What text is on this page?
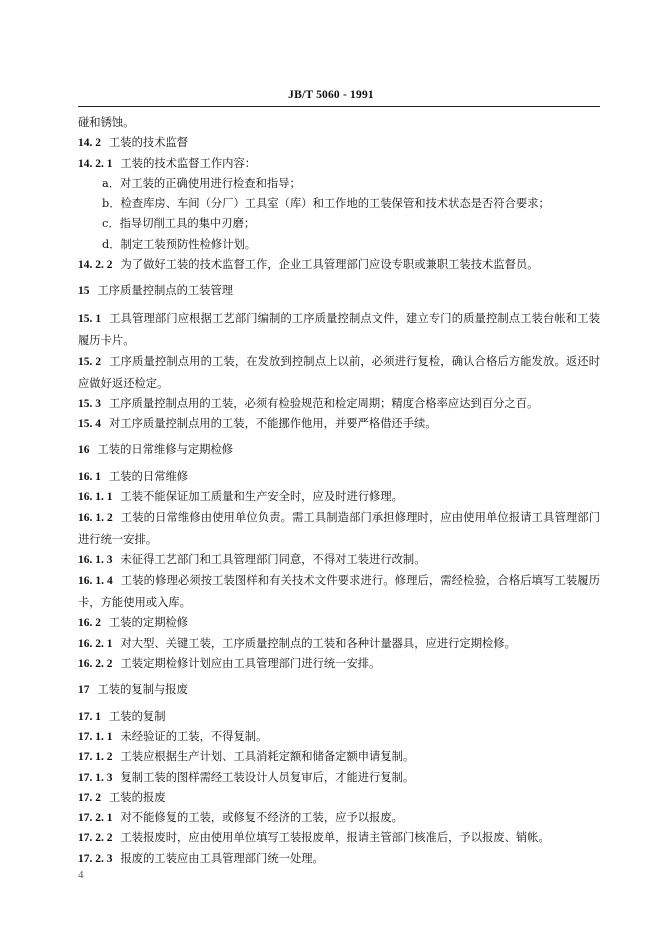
JB/T 5060 - 1991
碰和锈蚀。
14. 2 工装的技术监督
14. 2. 1 工装的技术监督工作内容：
a．对工装的正确使用进行检查和指导；
b．检查库房、车间（分厂）工具室（库）和工作地的工装保管和技术状态是否符合要求；
c．指导切削工具的集中刃磨；
d．制定工装预防性检修计划。
14. 2. 2 为了做好工装的技术监督工作，企业工具管理部门应设专职或兼职工装技术监督员。
15 工序质量控制点的工装管理
15. 1 工具管理部门应根据工艺部门编制的工序质量控制点文件，建立专门的质量控制点工装台帐和工装履历卡片。
15. 2 工序质量控制点用的工装，在发放到控制点上以前，必须进行复检，确认合格后方能发放。返还时应做好返还检定。
15. 3 工序质量控制点用的工装，必须有检验规范和检定周期；精度合格率应达到百分之百。
15. 4 对工序质量控制点用的工装，不能挪作他用，并要严格借还手续。
16 工装的日常维修与定期检修
16. 1 工装的日常维修
16. 1. 1 工装不能保证加工质量和生产安全时，应及时进行修理。
16. 1. 2 工装的日常维修由使用单位负责。需工具制造部门承担修理时，应由使用单位报请工具管理部门进行统一安排。
16. 1. 3 未征得工艺部门和工具管理部门同意，不得对工装进行改制。
16. 1. 4 工装的修理必须按工装图样和有关技术文件要求进行。修理后，需经检验，合格后填写工装履历卡，方能使用或入库。
16. 2 工装的定期检修
16. 2. 1 对大型、关键工装，工序质量控制点的工装和各种计量器具，应进行定期检修。
16. 2. 2 工装定期检修计划应由工具管理部门进行统一安排。
17 工装的复制与报废
17. 1 工装的复制
17. 1. 1 未经验证的工装，不得复制。
17. 1. 2 工装应根据生产计划、工具消耗定额和储备定额申请复制。
17. 1. 3 复制工装的图样需经工装设计人员复审后，才能进行复制。
17. 2 工装的报废
17. 2. 1 对不能修复的工装，或修复不经济的工装，应予以报废。
17. 2. 2 工装报废时，应由使用单位填写工装报废单，报请主管部门核准后，予以报废、销帐。
17. 2. 3 报废的工装应由工具管理部门统一处理。
4
